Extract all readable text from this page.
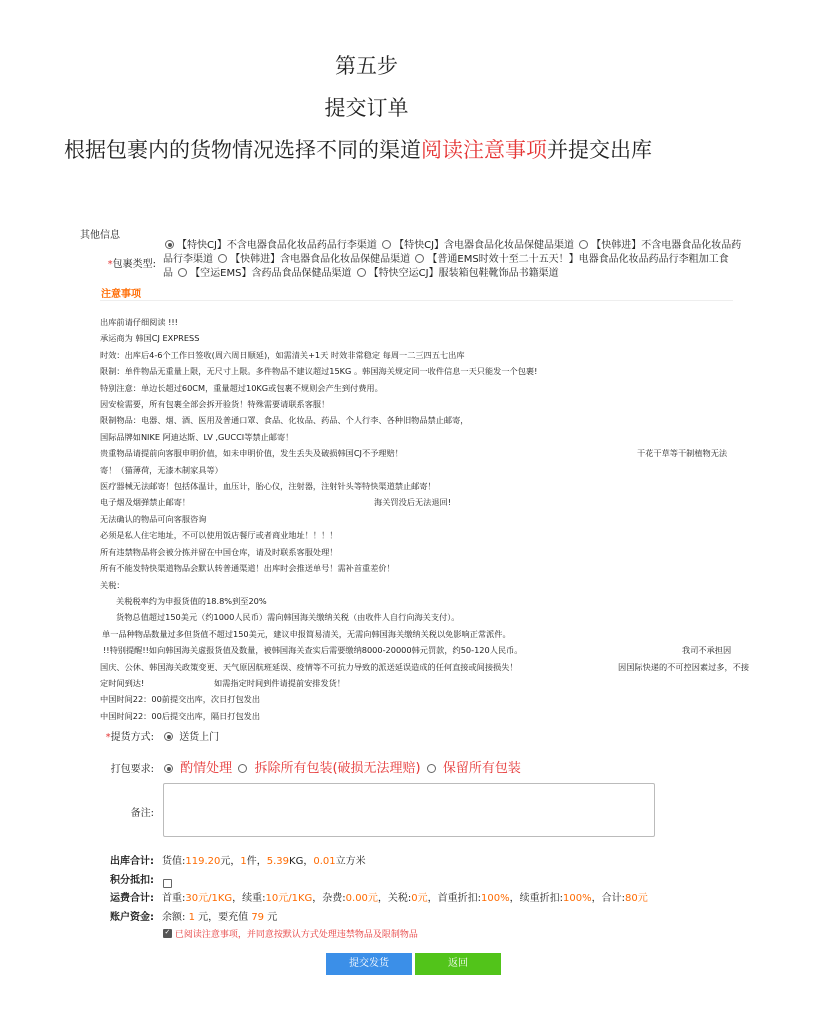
第五步
提交订单
根据包裹内的货物情况选择不同的渠道阅读注意事项并提交出库
其他信息
*包裹类型:
【特快CJ】不含电器食品化妆品药品行李渠道 【特快CJ】含电器食品化妆品保健品渠道 【快韩进】不含电器食品化妆品药
品行李渠道 【快韩进】含电器食品化妆品保健品渠道 【普通EMS时效十至二十五天！】电器食品化妆品药品行李粗加工食
品 【空运EMS】含药品食品保健品渠道 【特快空运CJ】服装箱包鞋靴饰品书籍渠道
注意事项
出库前请仔细阅读 !!!
承运商为 韩国CJ EXPRESS
时效：出库后4-6个工作日签收(周六周日顺延)，如需清关+1天 时效非常稳定 每周一二三四五七出库
限制：单件物品无重量上限，无尺寸上限。多件物品不建议超过15KG 。韩国海关规定同一收件信息一天只能发一个包裹!
特别注意：单边长超过60CM，重量超过10KG或包裹不规则会产生到付费用。
因安检需要，所有包裹全部会拆开验货！特殊需要请联系客服！
限制物品：电器、烟、酒、医用及普通口罩、食品、化妆品、药品、个人行李、各种旧物品禁止邮寄，
国际品牌如NIKE 阿迪达斯、LV ,GUCCI等禁止邮寄！
贵重物品请提前向客服申明价值，如未申明价值，发生丢失及破损韩国CJ不予理赔！	干花干草等干制植物无法
寄！（猫薄荷，无漆木制家具等）
医疗器械无法邮寄！包括体温计，血压计，胎心仪，注射器，注射针头等特快渠道禁止邮寄！
电子烟及烟弹禁止邮寄！	海关罚没后无法退回!
无法确认的物品可向客服咨询
必须是私人住宅地址，不可以使用饭店餐厅或者商业地址！！！！
所有违禁物品将会被分拣并留在中国仓库，请及时联系客服处理！
所有不能发特快渠道物品会默认转普通渠道！出库时会推送单号！需补首重差价！
关税：
关税税率约为申报货值的18.8%到至20%
货物总值超过150美元（约1000人民币）需向韩国海关缴纳关税（由收件人自行向海关支付）。
单一品种物品数量过多但货值不超过150美元，建议申报简易清关，无需向韩国海关缴纳关税以免影响正常派件。
!!特别提醒!!如向韩国海关虚报货值及数量，被韩国海关查实后需要缴纳8000-20000韩元罚款，约50-120人民币。	我司不承担因
国庆、公休、韩国海关政策变更、天气原因航班延误、疫情等不可抗力导致的派送延误造成的任何直接或间接损失！	因国际快递的不可控因素过多，不接
定时间到达!	如需指定时间到件请提前安排发货！
中国时间22：00前提交出库，次日打包发出
中国时间22：00后提交出库，隔日打包发出
*提货方式:	送货上门
打包要求:	酌情处理 拆除所有包装(破损无法理赔) 保留所有包装
备注:
出库合计: 货值:119.20元，1件，5.39KG，0.01立方米
积分抵扣:
运费合计: 首重:30元/1KG，续重:10元/1KG，杂费:0.00元，关税:0元，首重折扣:100%，续重折扣:100%，合计:80元
账户资金: 余额: 1 元，要充值 79 元
✓ 已阅读注意事项，并同意按默认方式处理违禁物品及限制物品
提交发货	返回
